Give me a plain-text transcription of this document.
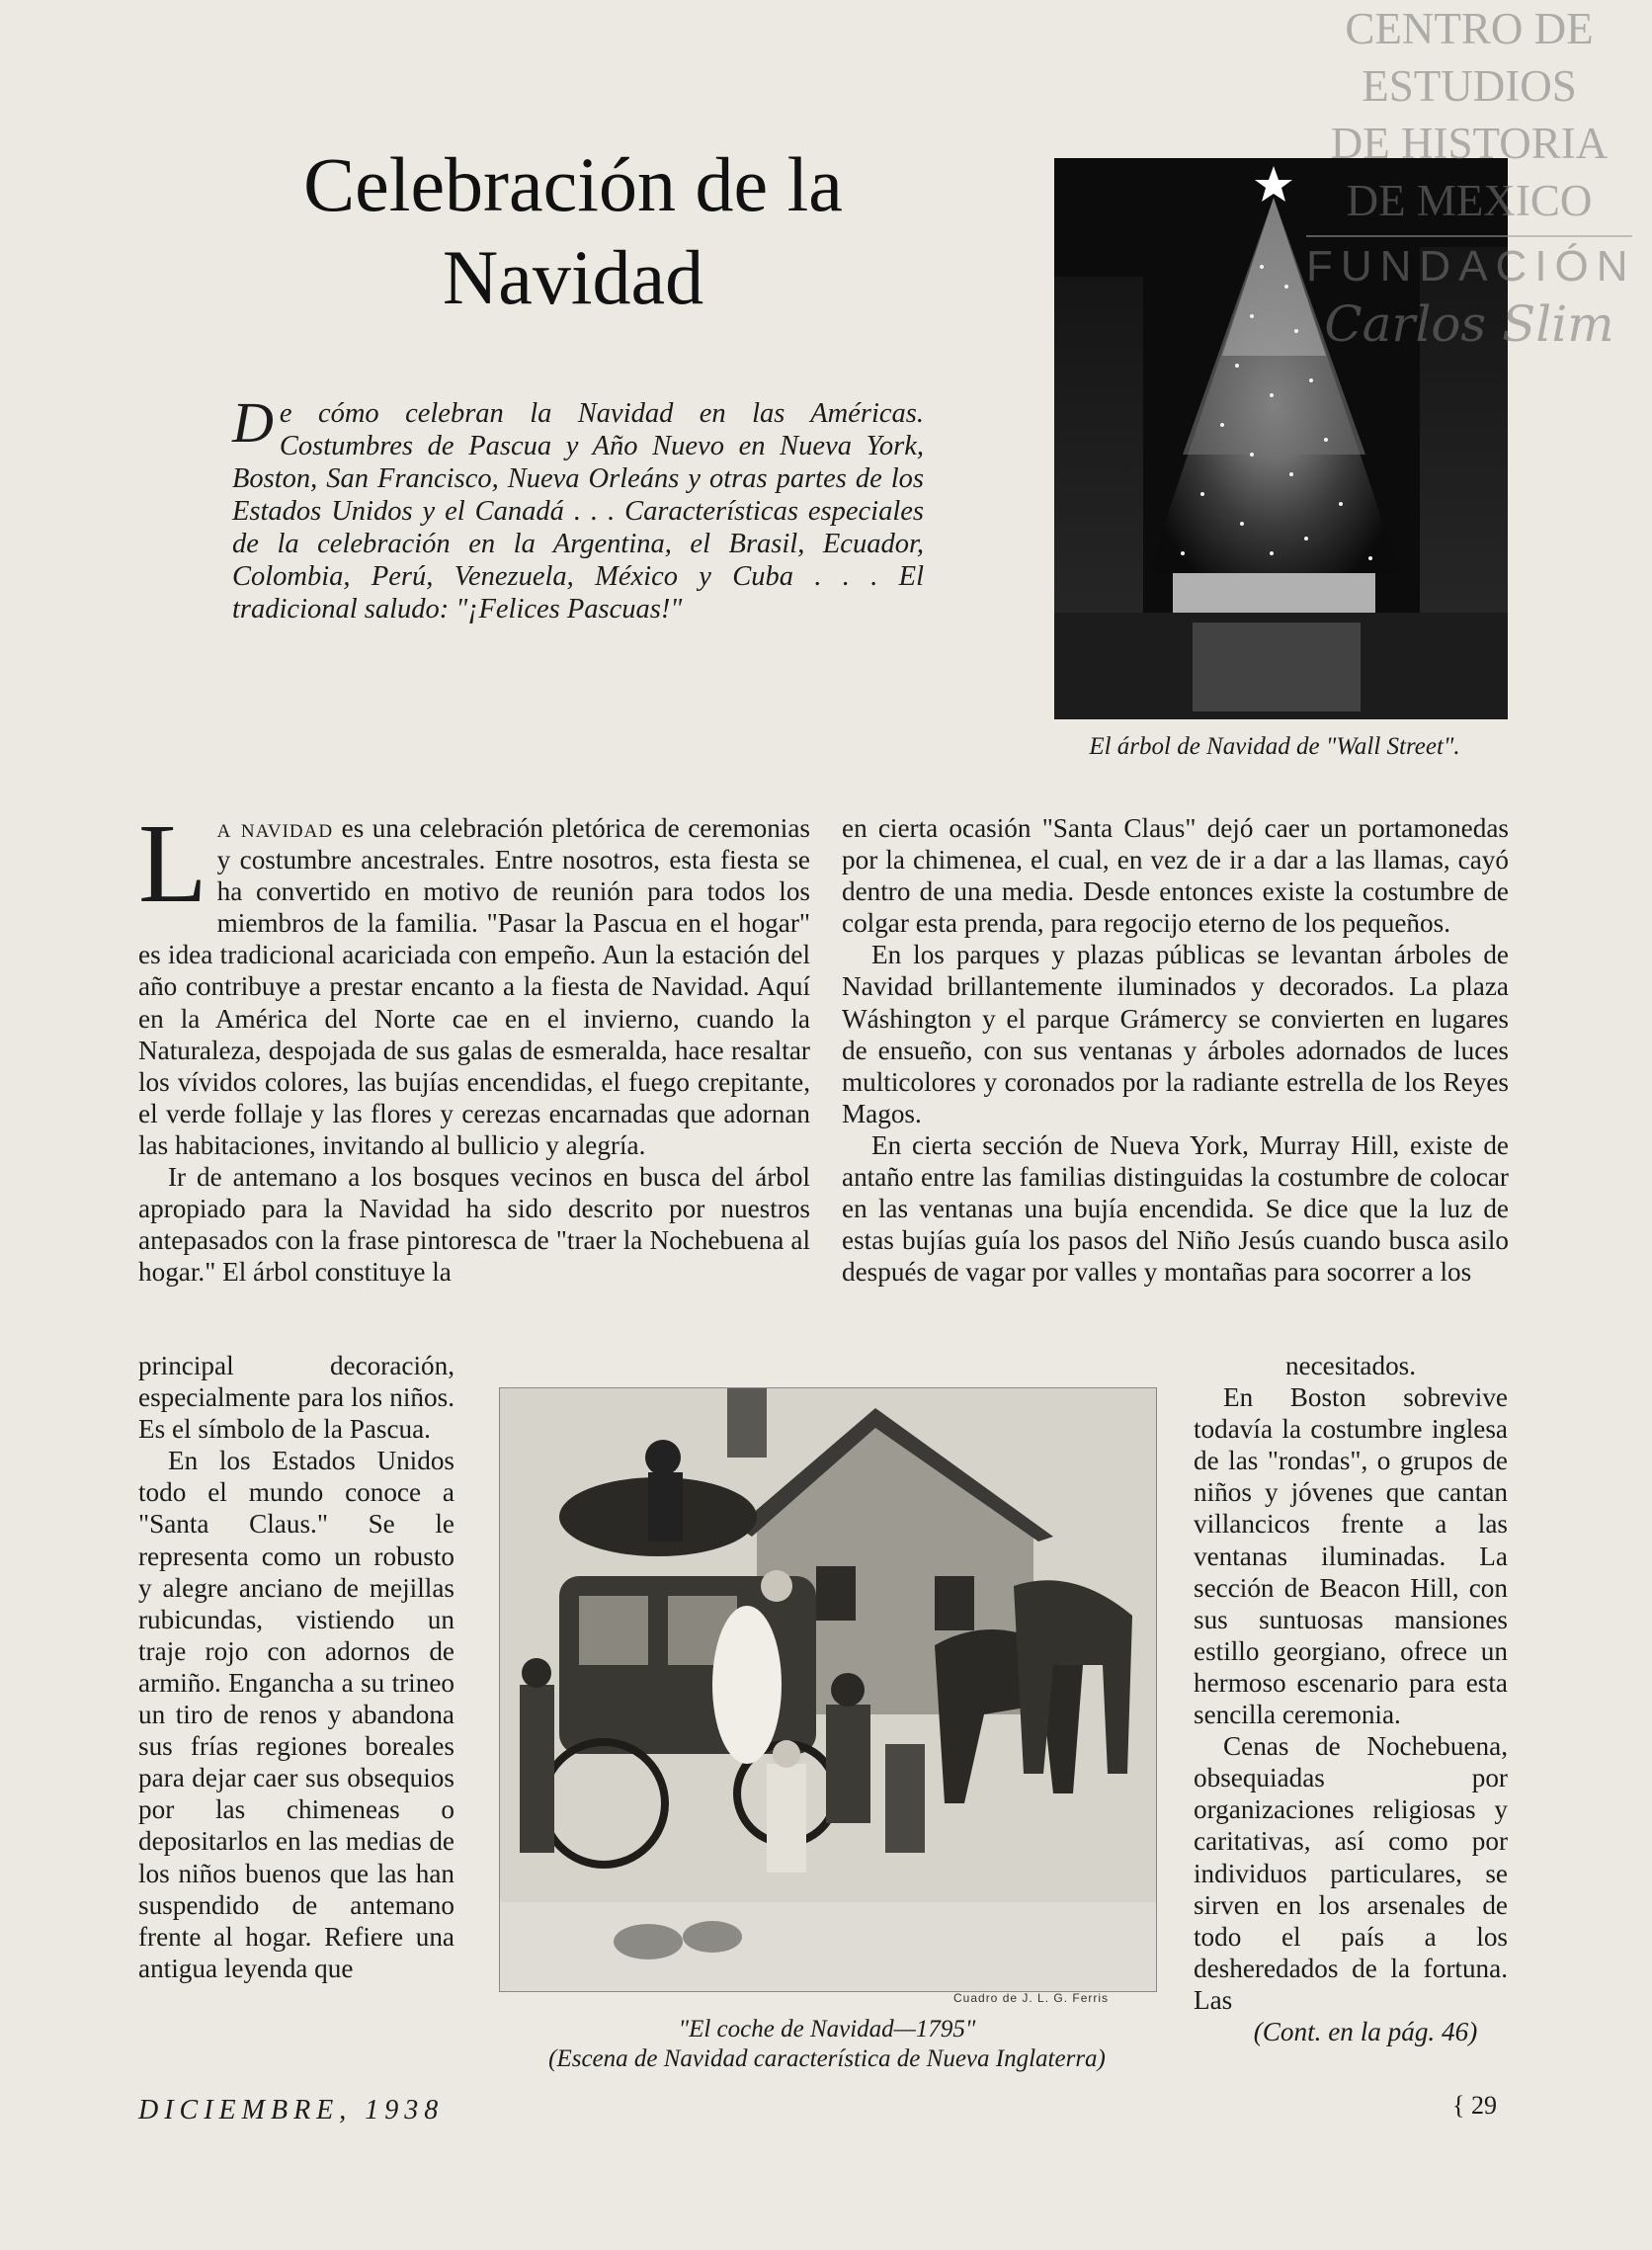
Celebración de la
Navidad
De cómo celebran la Navidad en las Américas. Costumbres de Pascua y Año Nuevo en Nueva York, Boston, San Francisco, Nueva Orleáns y otras partes de los Estados Unidos y el Canadá . . . Características especiales de la celebración en la Argentina, el Brasil, Ecuador, Colombia, Perú, Venezuela, México y Cuba . . . El tradicional saludo: "¡Felices Pascuas!"
El árbol de Navidad de "Wall Street".
CENTRO DE
ESTUDIOS
DE HISTORIA
DE MEXICO
FUNDACIÓN
Carlos Slim

La navidad es una celebración pletórica de ceremonias y costumbre ancestrales. Entre nosotros, esta fiesta se ha convertido en motivo de reunión para todos los miembros de la familia. "Pasar la Pascua en el hogar" es idea tradicional acariciada con empeño. Aun la estación del año contribuye a prestar encanto a la fiesta de Navidad. Aquí en la América del Norte cae en el invierno, cuando la Naturaleza, despojada de sus galas de esmeralda, hace resaltar los vívidos colores, las bujías encendidas, el fuego crepitante, el verde follaje y las flores y cerezas encarnadas que adornan las habitaciones, invitando al bullicio y alegría.

Ir de antemano a los bosques vecinos en busca del árbol apropiado para la Navidad ha sido descrito por nuestros antepasados con la frase pintoresca de "traer la Nochebuena al hogar." El árbol constituye la

principal decoración, especialmente para los niños. Es el símbolo de la Pascua.

En los Estados Unidos todo el mundo conoce a "Santa Claus." Se le representa como un robusto y alegre anciano de mejillas rubicundas, vistiendo un traje rojo con adornos de armiño. Engancha a su trineo un tiro de renos y abandona sus frías regiones boreales para dejar caer sus obsequios por las chimeneas o depositarlos en las medias de los niños buenos que las han suspendido de antemano frente al hogar. Refiere una antigua leyenda que

en cierta ocasión "Santa Claus" dejó caer un portamonedas por la chimenea, el cual, en vez de ir a dar a las llamas, cayó dentro de una media. Desde entonces existe la costumbre de colgar esta prenda, para regocijo eterno de los pequeños.

En los parques y plazas públicas se levantan árboles de Navidad brillantemente iluminados y decorados. La plaza Wáshington y el parque Grámercy se convierten en lugares de ensueño, con sus ventanas y árboles adornados de luces multicolores y coronados por la radiante estrella de los Reyes Magos.

En cierta sección de Nueva York, Murray Hill, existe de antaño entre las familias distinguidas la costumbre de colocar en las ventanas una bujía encendida. Se dice que la luz de estas bujías guía los pasos del Niño Jesús cuando busca asilo después de vagar por valles y montañas para socorrer a los

necesitados.

En Boston sobrevive todavía la costumbre inglesa de las "rondas", o grupos de niños y jóvenes que cantan villancicos frente a las ventanas iluminadas. La sección de Beacon Hill, con sus suntuosas mansiones estillo georgiano, ofrece un hermoso escenario para esta sencilla ceremonia.

Cenas de Nochebuena, obsequiadas por organizaciones religiosas y caritativas, así como por individuos particulares, se sirven en los arsenales de todo el país a los desheredados de la fortuna. Las

(Cont. en la pág. 46)

Cuadro de J. L. G. Ferris
"El coche de Navidad—1795"
(Escena de Navidad característica de Nueva Inglaterra)
DICIEMBRE, 1938	{ 29
